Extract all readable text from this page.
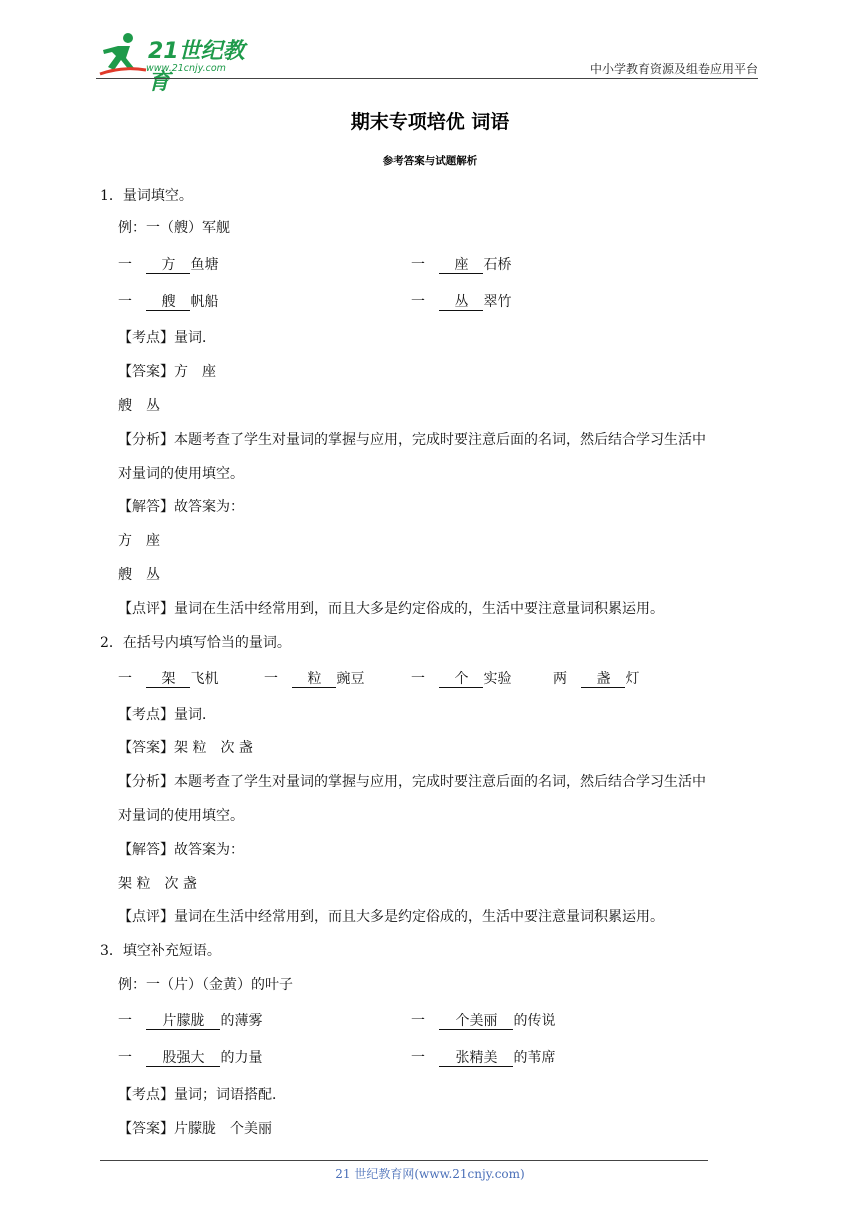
21世纪教育
www.21cnjy.com	中小学教育资源及组卷应用平台
期末专项培优 词语
参考答案与试题解析
1．量词填空。
例：一（艘）军舰
一 方 鱼塘	一 座 石桥
一 艘 帆船	一 丛 翠竹
【考点】量词．
【答案】方　座
艘　丛
【分析】本题考查了学生对量词的掌握与应用，完成时要注意后面的名词，然后结合学习生活中
对量词的使用填空。
【解答】故答案为：
方　座
艘　丛
【点评】量词在生活中经常用到，而且大多是约定俗成的，生活中要注意量词积累运用。
2．在括号内填写恰当的量词。
一 架 飞机	一 粒 豌豆	一 个 实验	两 盏 灯
【考点】量词．
【答案】架 粒　次 盏
【分析】本题考查了学生对量词的掌握与应用，完成时要注意后面的名词，然后结合学习生活中
对量词的使用填空。
【解答】故答案为：
架 粒　次 盏
【点评】量词在生活中经常用到，而且大多是约定俗成的，生活中要注意量词积累运用。
3．填空补充短语。
例：一（片）（金黄）的叶子
一 片朦胧 的薄雾	一 个美丽 的传说
一 股强大 的力量	一 张精美 的苇席
【考点】量词；词语搭配．
【答案】片朦胧　个美丽
21 世纪教育网(www.21cnjy.com)
